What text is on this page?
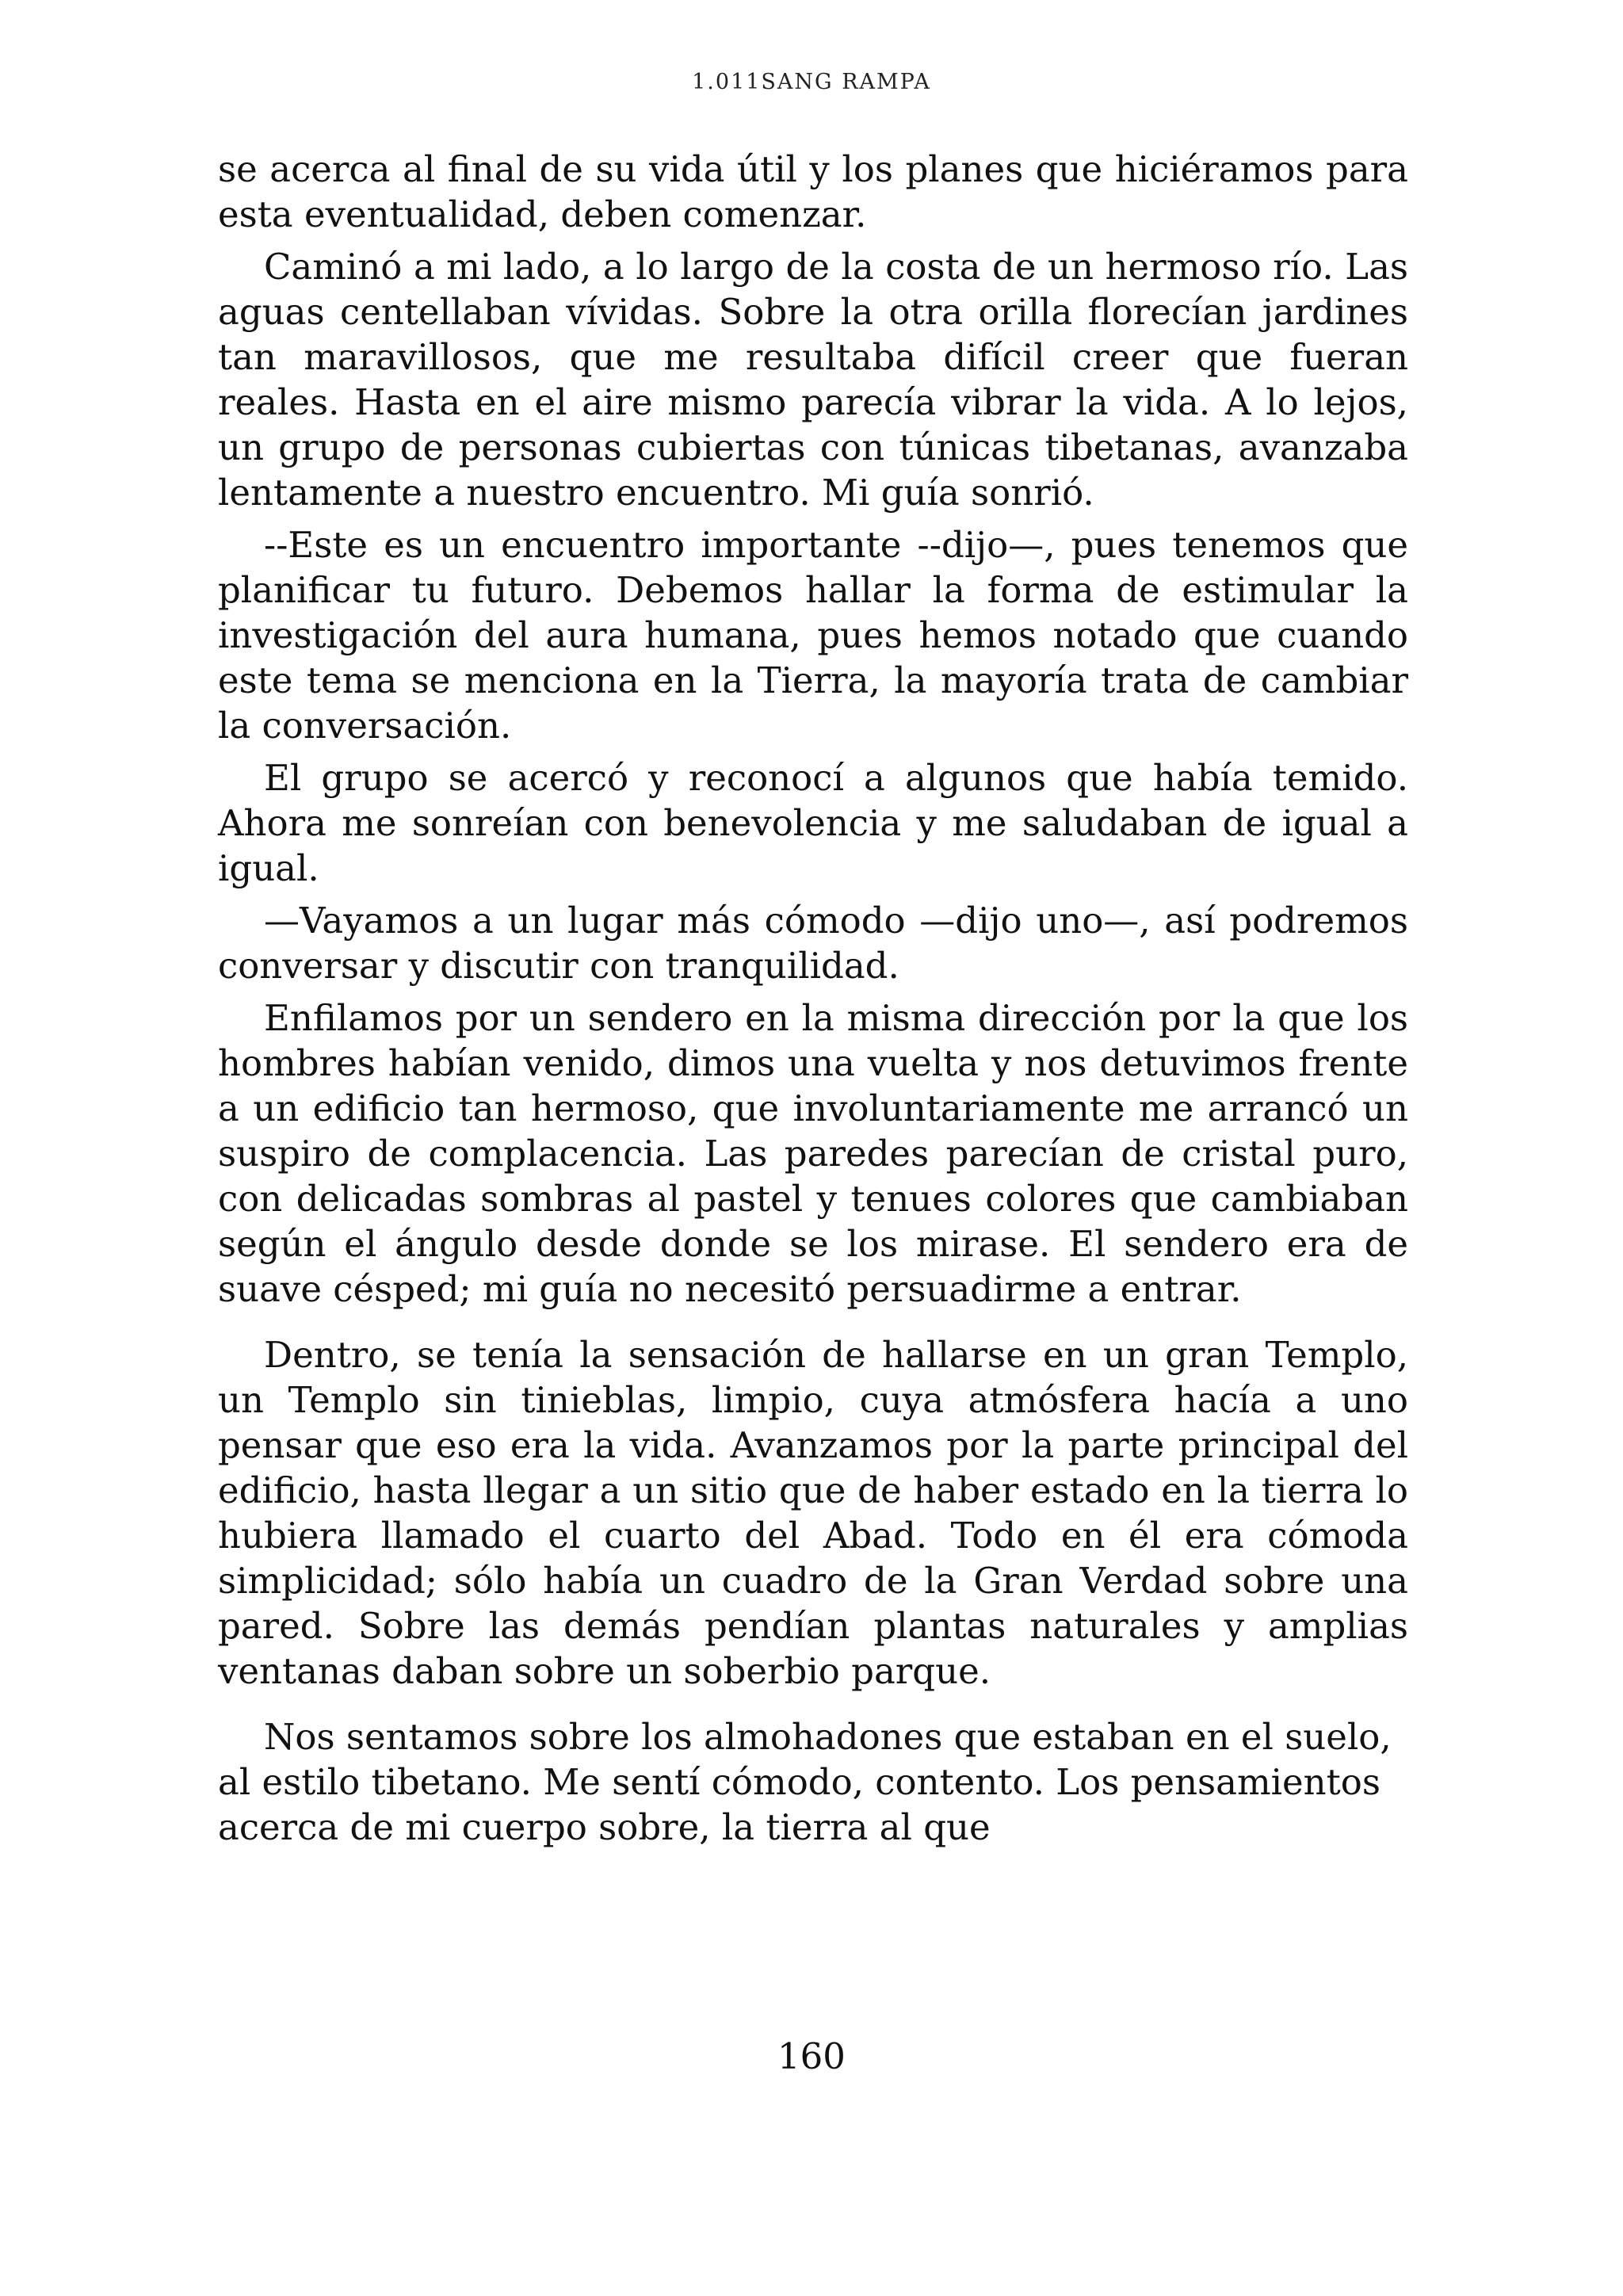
1.011SANG RAMPA

se acerca al final de su vida útil y los planes que hiciéramos para esta eventualidad, deben comenzar.

Caminó a mi lado, a lo largo de la costa de un hermoso río. Las aguas centellaban vívidas. Sobre la otra orilla florecían jardines tan maravillosos, que me resultaba difícil creer que fueran reales. Hasta en el aire mismo parecía vibrar la vida. A lo lejos, un grupo de personas cubiertas con túnicas tibetanas, avanzaba lentamente a nuestro encuentro. Mi guía sonrió.

--Este es un encuentro importante --dijo—, pues tenemos que planificar tu futuro. Debemos hallar la forma de estimular la investigación del aura humana, pues hemos notado que cuando este tema se menciona en la Tierra, la mayoría trata de cambiar la conversación.

El grupo se acercó y reconocí a algunos que había temido. Ahora me sonreían con benevolencia y me saludaban de igual a igual.

—Vayamos a un lugar más cómodo —dijo uno—, así podremos conversar y discutir con tranquilidad.

Enfilamos por un sendero en la misma dirección por la que los hombres habían venido, dimos una vuelta y nos detuvimos frente a un edificio tan hermoso, que involuntariamente me arrancó un suspiro de complacencia. Las paredes parecían de cristal puro, con delicadas sombras al pastel y tenues colores que cambiaban según el ángulo desde donde se los mirase. El sendero era de suave césped; mi guía no necesitó persuadirme a entrar.

Dentro, se tenía la sensación de hallarse en un gran Templo, un Templo sin tinieblas, limpio, cuya atmósfera hacía a uno pensar que eso era la vida. Avanzamos por la parte principal del edificio, hasta llegar a un sitio que de haber estado en la tierra lo hubiera llamado el cuarto del Abad. Todo en él era cómoda simplicidad; sólo había un cuadro de la Gran Verdad sobre una pared. Sobre las demás pendían plantas naturales y amplias ventanas daban sobre un soberbio parque.

Nos sentamos sobre los almohadones que estaban en el suelo, al estilo tibetano. Me sentí cómodo, contento. Los pensamientos acerca de mi cuerpo sobre, la tierra al que

160
